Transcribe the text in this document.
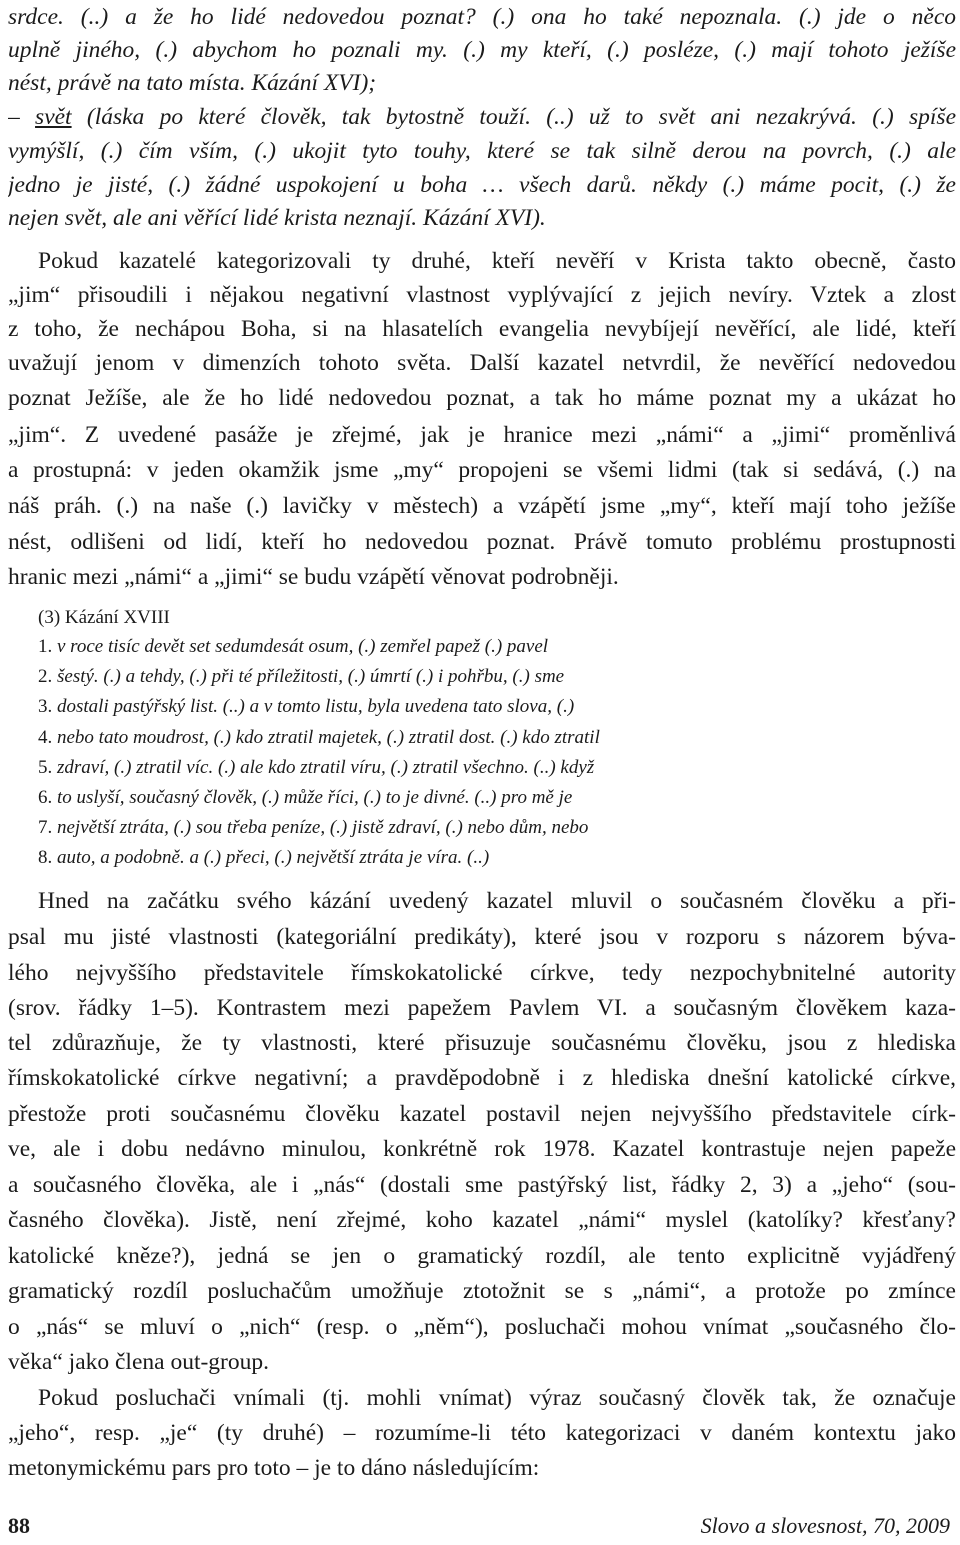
srdce. (..) a že ho lidé nedovedou poznat? (.) ona ho také nepoznala. (.) jde o něco
uplně jiného, (.) abychom ho poznali my. (.) my kteří, (.) posléze, (.) mají tohoto ježíše
nést, právě na tato místa. Kázání XVI);
– svět (láska po které člověk, tak bytostně touží. (..) už to svět ani nezakrývá. (.) spíše
vymýšlí, (.) čím vším, (.) ukojit tyto touhy, které se tak silně derou na povrch, (.) ale
jedno je jisté, (.) žádné uspokojení u boha … všech darů. někdy (.) máme pocit, (.) že
nejen svět, ale ani věřící lidé krista neznají. Kázání XVI).
Pokud kazatelé kategorizovali ty druhé, kteří nevěří v Krista takto obecně, často
„jim“ přisoudili i nějakou negativní vlastnost vyplývající z jejich nevíry. Vztek a zlost
z toho, že nechápou Boha, si na hlasatelích evangelia nevybíjejí nevěřící, ale lidé, kteří
uvažují jenom v dimenzích tohoto světa. Další kazatel netvrdil, že nevěřící nedovedou
poznat Ježíše, ale že ho lidé nedovedou poznat, a tak ho máme poznat my a ukázat ho
„jim“. Z uvedené pasáže je zřejmé, jak je hranice mezi „námi“ a „jimi“ proměnlivá
a prostupná: v jeden okamžik jsme „my“ propojeni se všemi lidmi (tak si sedává, (.) na
náš práh. (.) na naše (.) lavičky v městech) a vzápětí jsme „my“, kteří mají toho ježíše
nést, odlišeni od lidí, kteří ho nedovedou poznat. Právě tomuto problému prostupnosti
hranic mezi „námi“ a „jimi“ se budu vzápětí věnovat podrobněji.
(3) Kázání XVIII
1. v roce tisíc devět set sedumdesát osum, (.) zemřel papež (.) pavel
2. šestý. (.) a tehdy, (.) při té příležitosti, (.) úmrtí (.) i pohřbu, (.) sme
3. dostali pastýřský list. (..) a v tomto listu, byla uvedena tato slova, (.)
4. nebo tato moudrost, (.) kdo ztratil majetek, (.) ztratil dost. (.) kdo ztratil
5. zdraví, (.) ztratil víc. (.) ale kdo ztratil víru, (.) ztratil všechno. (..) když
6. to uslyší, současný člověk, (.) může říci, (.) to je divné. (..) pro mě je
7. největší ztráta, (.) sou třeba peníze, (.) jistě zdraví, (.) nebo dům, nebo
8. auto, a podobně. a (.) přeci, (.) největší ztráta je víra. (..)
Hned na začátku svého kázání uvedený kazatel mluvil o současném člověku a při-
psal mu jisté vlastnosti (kategoriální predikáty), které jsou v rozporu s názorem býva-
lého nejvyššího představitele římskokatolické církve, tedy nezpochybnitelné autority
(srov. řádky 1–5). Kontrastem mezi papežem Pavlem VI. a současným člověkem kaza-
tel zdůrazňuje, že ty vlastnosti, které přisuzuje současnému člověku, jsou z hlediska
římskokatolické církve negativní; a pravděpodobně i z hlediska dnešní katolické církve,
přestože proti současnému člověku kazatel postavil nejen nejvyššího představitele círk-
ve, ale i dobu nedávno minulou, konkrétně rok 1978. Kazatel kontrastuje nejen papeže
a současného člověka, ale i „nás“ (dostali sme pastýřský list, řádky 2, 3) a „jeho“ (sou-
časného člověka). Jistě, není zřejmé, koho kazatel „námi“ myslel (katolíky? křesťany?
katolické kněze?), jedná se jen o gramatický rozdíl, ale tento explicitně vyjádřený
gramatický rozdíl posluchačům umožňuje ztotožnit se s „námi“, a protože po zmínce
o „nás“ se mluví o „nich“ (resp. o „něm“), posluchači mohou vnímat „současného člo-
věka“ jako člena out-group.
Pokud posluchači vnímali (tj. mohli vnímat) výraz současný člověk tak, že označuje
„jeho“, resp. „je“ (ty druhé) – rozumíme-li této kategorizaci v daném kontextu jako
metonymickému pars pro toto – je to dáno následujícím:
88	Slovo a slovesnost, 70, 2009
